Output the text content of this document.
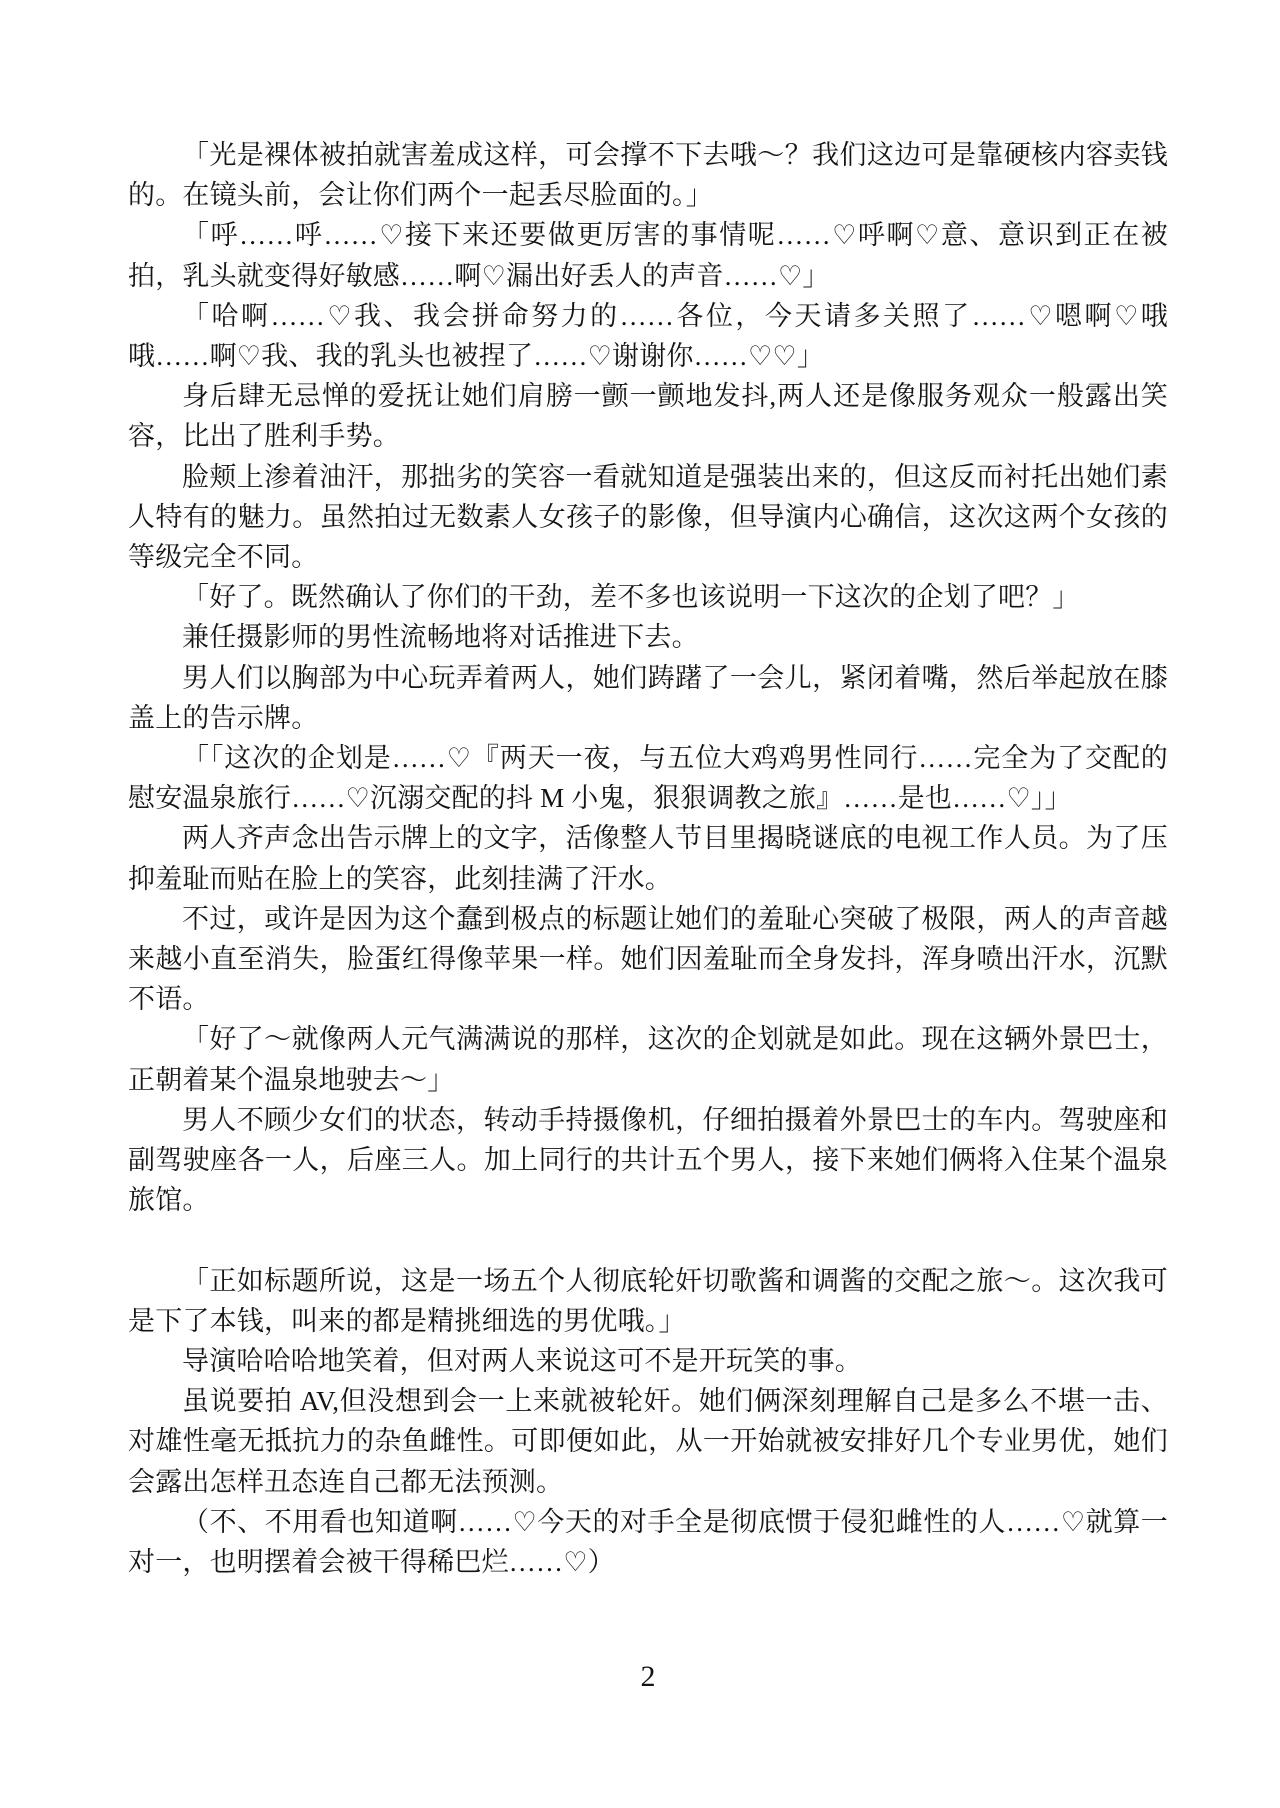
「光是裸体被拍就害羞成这样，可会撑不下去哦～？我们这边可是靠硬核内容卖钱的。在镜头前，会让你们两个一起丢尽脸面的。」

「呼……呼……♡接下来还要做更厉害的事情呢……♡呼啊♡意、意识到正在被拍，乳头就变得好敏感……啊♡漏出好丢人的声音……♡」

「哈啊……♡我、我会拼命努力的……各位，今天请多关照了……♡嗯啊♡哦哦……啊♡我、我的乳头也被捏了……♡谢谢你……♡♡」

身后肆无忌惮的爱抚让她们肩膀一颤一颤地发抖,两人还是像服务观众一般露出笑容，比出了胜利手势。

脸颊上渗着油汗，那拙劣的笑容一看就知道是强装出来的，但这反而衬托出她们素人特有的魅力。虽然拍过无数素人女孩子的影像，但导演内心确信，这次这两个女孩的等级完全不同。

「好了。既然确认了你们的干劲，差不多也该说明一下这次的企划了吧？」

兼任摄影师的男性流畅地将对话推进下去。

男人们以胸部为中心玩弄着两人，她们踌躇了一会儿，紧闭着嘴，然后举起放在膝盖上的告示牌。

「「这次的企划是……♡『两天一夜，与五位大鸡鸡男性同行……完全为了交配的慰安温泉旅行……♡沉溺交配的抖 M 小鬼，狠狠调教之旅』……是也……♡」」

两人齐声念出告示牌上的文字，活像整人节目里揭晓谜底的电视工作人员。为了压抑羞耻而贴在脸上的笑容，此刻挂满了汗水。

不过，或许是因为这个蠢到极点的标题让她们的羞耻心突破了极限，两人的声音越来越小直至消失，脸蛋红得像苹果一样。她们因羞耻而全身发抖，浑身喷出汗水，沉默不语。

「好了～就像两人元气满满说的那样，这次的企划就是如此。现在这辆外景巴士，正朝着某个温泉地驶去～」

男人不顾少女们的状态，转动手持摄像机，仔细拍摄着外景巴士的车内。驾驶座和副驾驶座各一人，后座三人。加上同行的共计五个男人，接下来她们俩将入住某个温泉旅馆。

「正如标题所说，这是一场五个人彻底轮奸切歌酱和调酱的交配之旅～。这次我可是下了本钱，叫来的都是精挑细选的男优哦。」

导演哈哈哈地笑着，但对两人来说这可不是开玩笑的事。

虽说要拍 AV,但没想到会一上来就被轮奸。她们俩深刻理解自己是多么不堪一击、对雄性毫无抵抗力的杂鱼雌性。可即便如此，从一开始就被安排好几个专业男优，她们会露出怎样丑态连自己都无法预测。

（不、不用看也知道啊……♡今天的对手全是彻底惯于侵犯雌性的人……♡就算一对一，也明摆着会被干得稀巴烂……♡）

2
